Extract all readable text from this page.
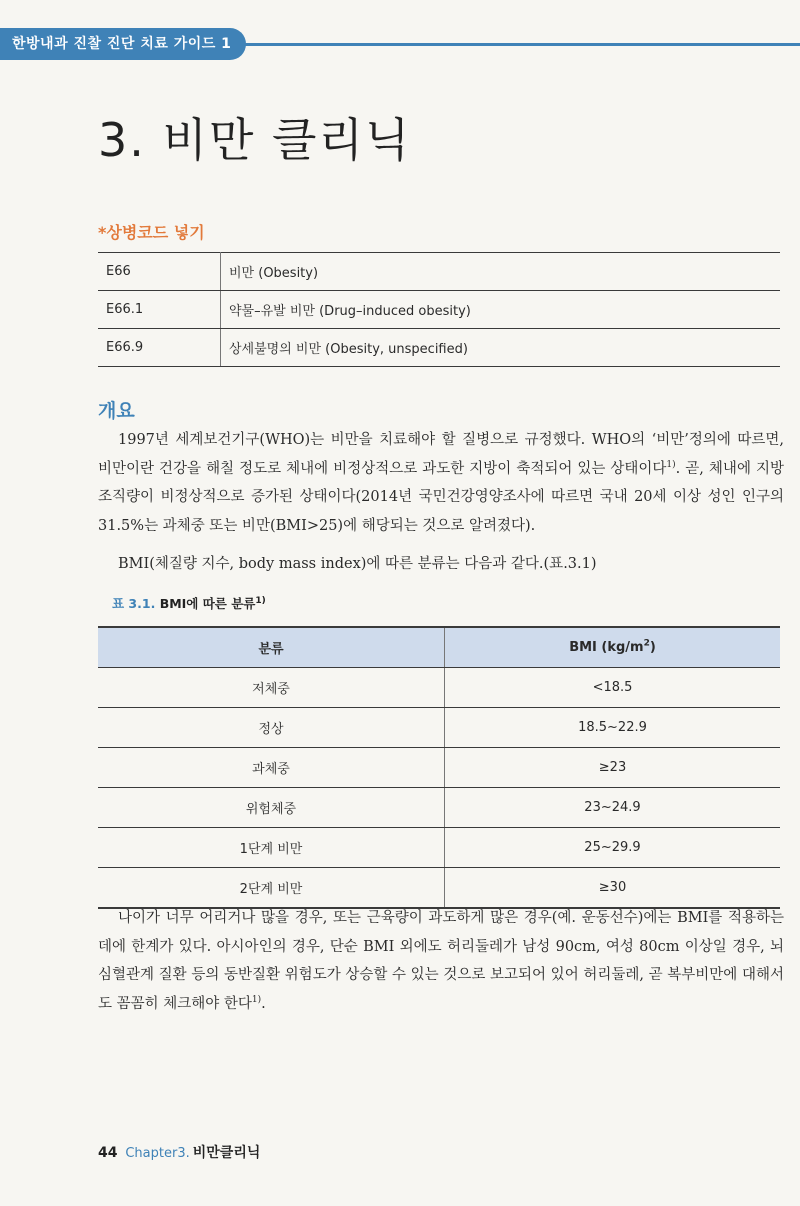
한방내과 진찰 진단 치료 가이드 1
3. 비만 클리닉
*상병코드 넣기
E66	비만 (Obesity)
E66.1	약물–유발 비만 (Drug–induced obesity)
E66.9	상세불명의 비만 (Obesity, unspecified)
개요

1997년 세계보건기구(WHO)는 비만을 치료해야 할 질병으로 규정했다. WHO의 ‘비만’정의에 따르면, 비만이란 건강을 해칠 정도로 체내에 비정상적으로 과도한 지방이 축적되어 있는 상태이다$^{1)}$. 곧, 체내에 지방 조직량이 비정상적으로 증가된 상태이다(2014년 국민건강영양조사에 따르면 국내 20세 이상 성인 인구의 31.5%는 과체중 또는 비만(BMI>25)에 해당되는 것으로 알려졌다).

BMI(체질량 지수, body mass index)에 따른 분류는 다음과 같다.(표.3.1)

표 3.1. BMI에 따른 분류$^{1)}$

분류	BMI $(kg/m^2)$
저체중	<18.5
정상	18.5~22.9
과체중	≥23
위험체중	23~24.9
1단계 비만	25~29.9
2단계 비만	≥30

나이가 너무 어리거나 많을 경우, 또는 근육량이 과도하게 많은 경우(예. 운동선수)에는 BMI를 적용하는 데에 한계가 있다. 아시아인의 경우, 단순 BMI 외에도 허리둘레가 남성 90cm, 여성 80cm 이상일 경우, 뇌심혈관계 질환 등의 동반질환 위험도가 상승할 수 있는 것으로 보고되어 있어 허리둘레, 곧 복부비만에 대해서도 꼼꼼히 체크해야 한다$^{1)}$.

44 Chapter3. 비만클리닉
